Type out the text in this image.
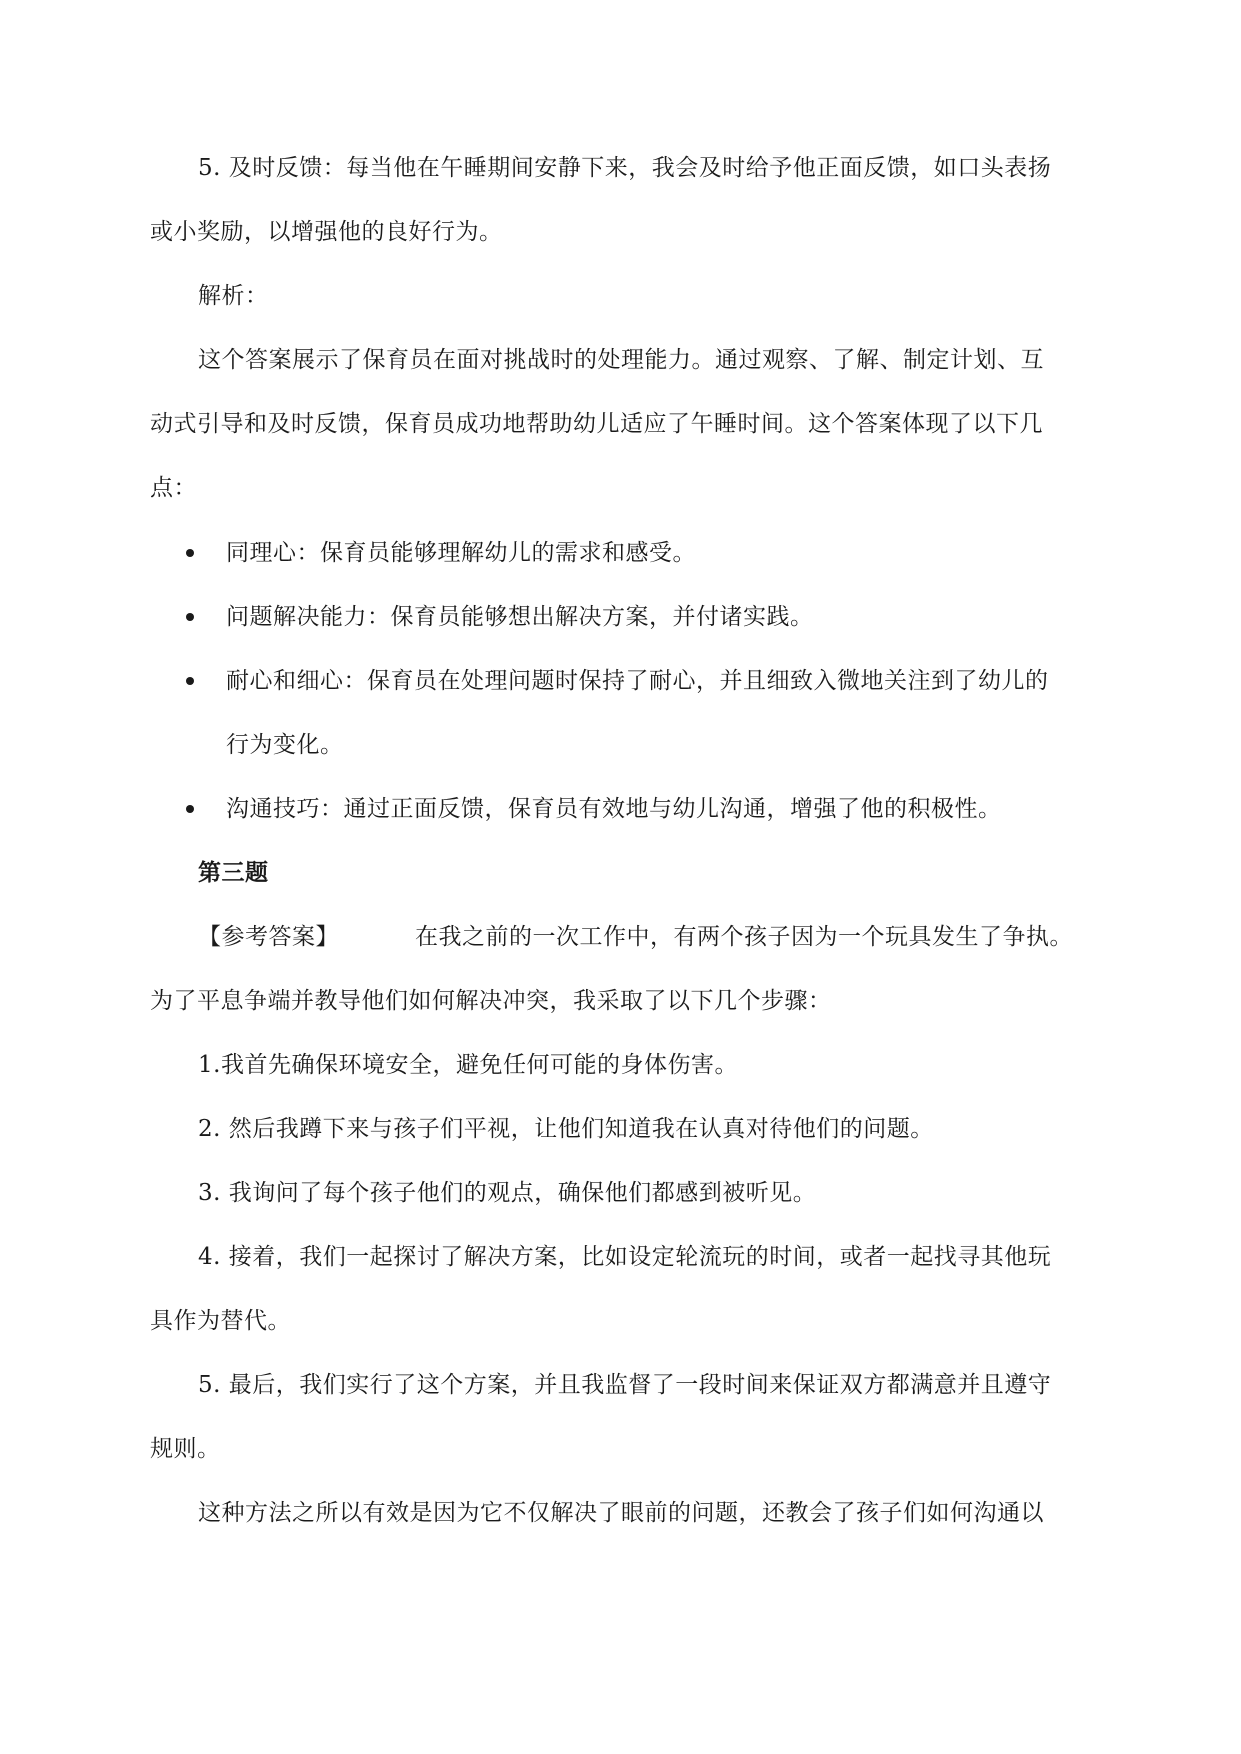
5. 及时反馈：每当他在午睡期间安静下来，我会及时给予他正面反馈，如口头表扬
或小奖励，以增强他的良好行为。
解析：
这个答案展示了保育员在面对挑战时的处理能力。通过观察、了解、制定计划、互
动式引导和及时反馈，保育员成功地帮助幼儿适应了午睡时间。这个答案体现了以下几
点：
同理心：保育员能够理解幼儿的需求和感受。
问题解决能力：保育员能够想出解决方案，并付诸实践。
耐心和细心：保育员在处理问题时保持了耐心，并且细致入微地关注到了幼儿的
行为变化。
沟通技巧：通过正面反馈，保育员有效地与幼儿沟通，增强了他的积极性。
第三题
【参考答案】	在我之前的一次工作中，有两个孩子因为一个玩具发生了争执。
为了平息争端并教导他们如何解决冲突，我采取了以下几个步骤：
1.我首先确保环境安全，避免任何可能的身体伤害。
2. 然后我蹲下来与孩子们平视，让他们知道我在认真对待他们的问题。
3. 我询问了每个孩子他们的观点，确保他们都感到被听见。
4. 接着，我们一起探讨了解决方案，比如设定轮流玩的时间，或者一起找寻其他玩
具作为替代。
5. 最后，我们实行了这个方案，并且我监督了一段时间来保证双方都满意并且遵守
规则。
这种方法之所以有效是因为它不仅解决了眼前的问题，还教会了孩子们如何沟通以
